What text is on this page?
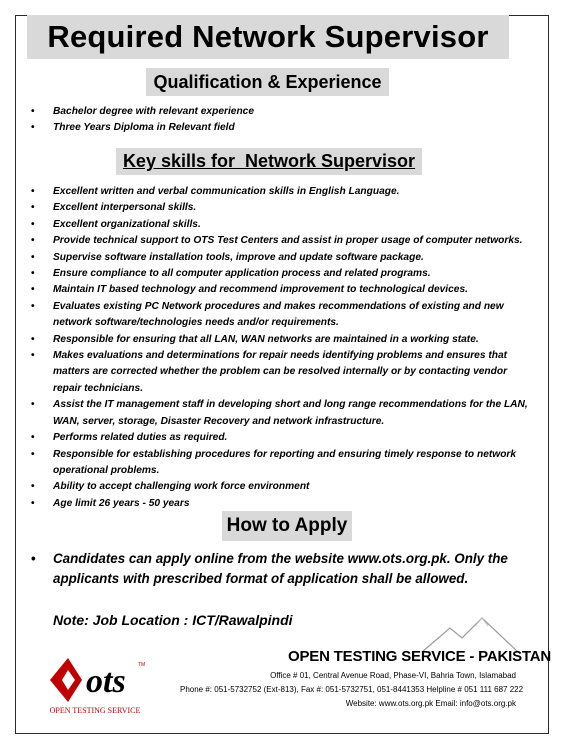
Required Network Supervisor
Qualification & Experience
• Bachelor degree with relevant experience
• Three Years Diploma in Relevant field
Key skills for  Network Supervisor
• Excellent written and verbal communication skills in English Language.
• Excellent interpersonal skills.
• Excellent organizational skills.
• Provide technical support to OTS Test Centers and assist in proper usage of computer networks.
• Supervise software installation tools, improve and update software package.
• Ensure compliance to all computer application process and related programs.
• Maintain IT based technology and recommend improvement to technological devices.
• Evaluates existing PC Network procedures and makes recommendations of existing and new network software/technologies needs and/or requirements.
• Responsible for ensuring that all LAN, WAN networks are maintained in a working state.
• Makes evaluations and determinations for repair needs identifying problems and ensures that matters are corrected whether the problem can be resolved internally or by contacting vendor repair technicians.
• Assist the IT management staff in developing short and long range recommendations for the LAN, WAN, server, storage, Disaster Recovery and network infrastructure.
• Performs related duties as required.
• Responsible for establishing procedures for reporting and ensuring timely response to network operational problems.
• Ability to accept challenging work force environment
• Age limit 26 years - 50 years
How to Apply
•	Candidates can apply online from the website www.ots.org.pk. Only the applicants with prescribed format of application shall be allowed.
Note: Job Location : ICT/Rawalpindi
ots TM
OPEN TESTING SERVICE
OPEN TESTING SERVICE - PAKISTAN
Office # 01, Central Avenue Road, Phase-VI, Bahria Town, Islamabad
Phone #: 051-5732752 (Ext-813), Fax #: 051-5732751, 051-8441353 Helpline # 051 111 687 222
Website: www.ots.org.pk Email: info@ots.org.pk
